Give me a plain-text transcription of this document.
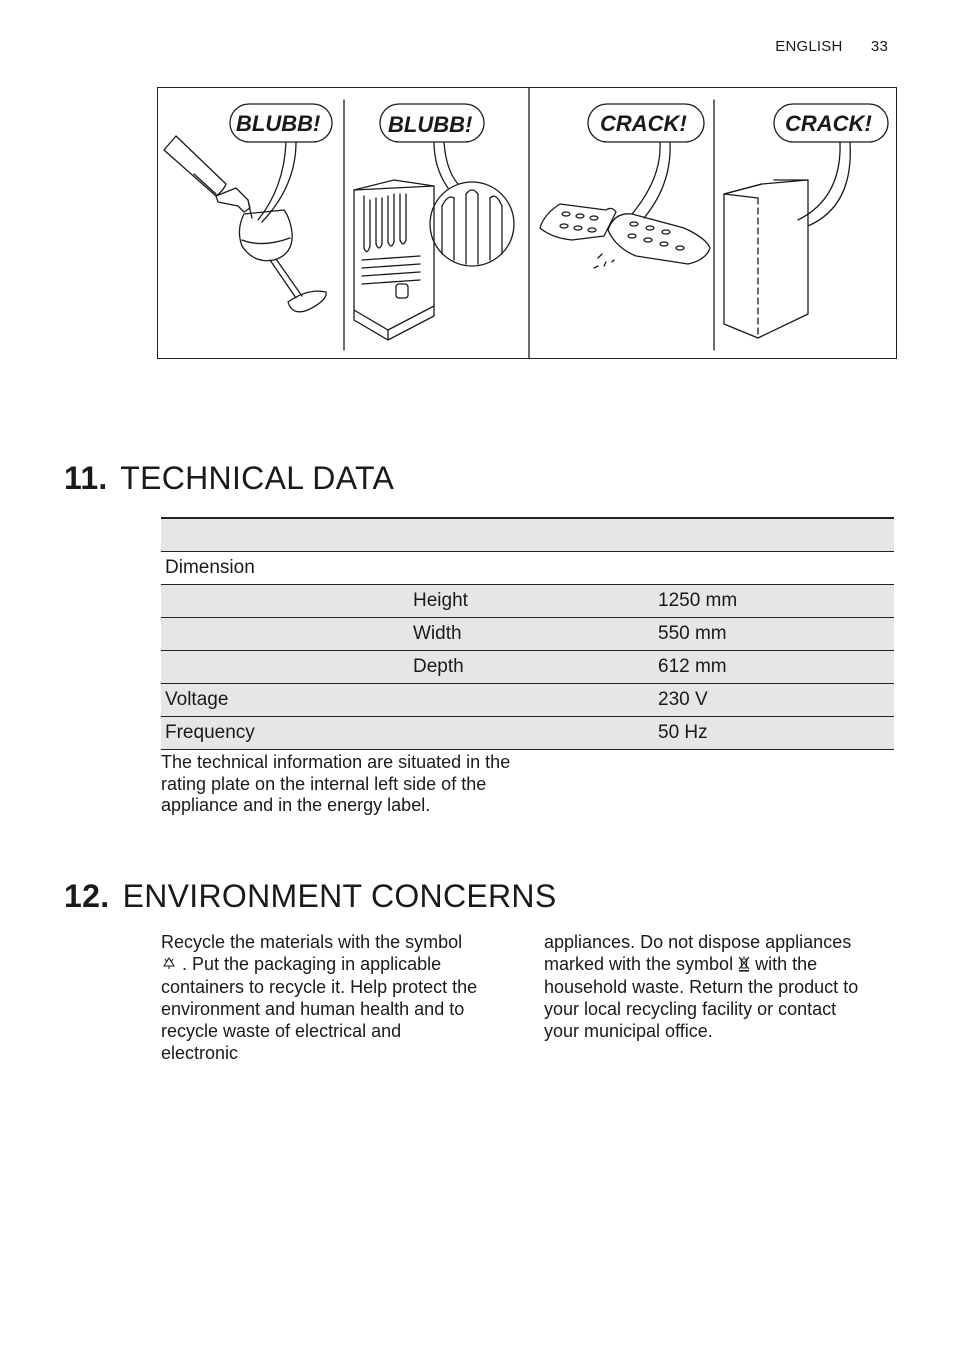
ENGLISH 33
BLUBB!	BLUBB!	CRACK!	CRACK!
11. TECHNICAL DATA

Dimension		
	Height	1250 mm
	Width	550 mm
	Depth	612 mm
Voltage		230 V
Frequency		50 Hz
The technical information are situated in the rating plate on the internal left side of the appliance and in the energy label.
12. ENVIRONMENT CONCERNS
Recycle the materials with the symbol  . Put the packaging in applicable containers to recycle it. Help protect the environment and human health and to recycle waste of electrical and electronic
appliances. Do not dispose appliances marked with the symbol with the household waste. Return the product to your local recycling facility or contact your municipal office.
